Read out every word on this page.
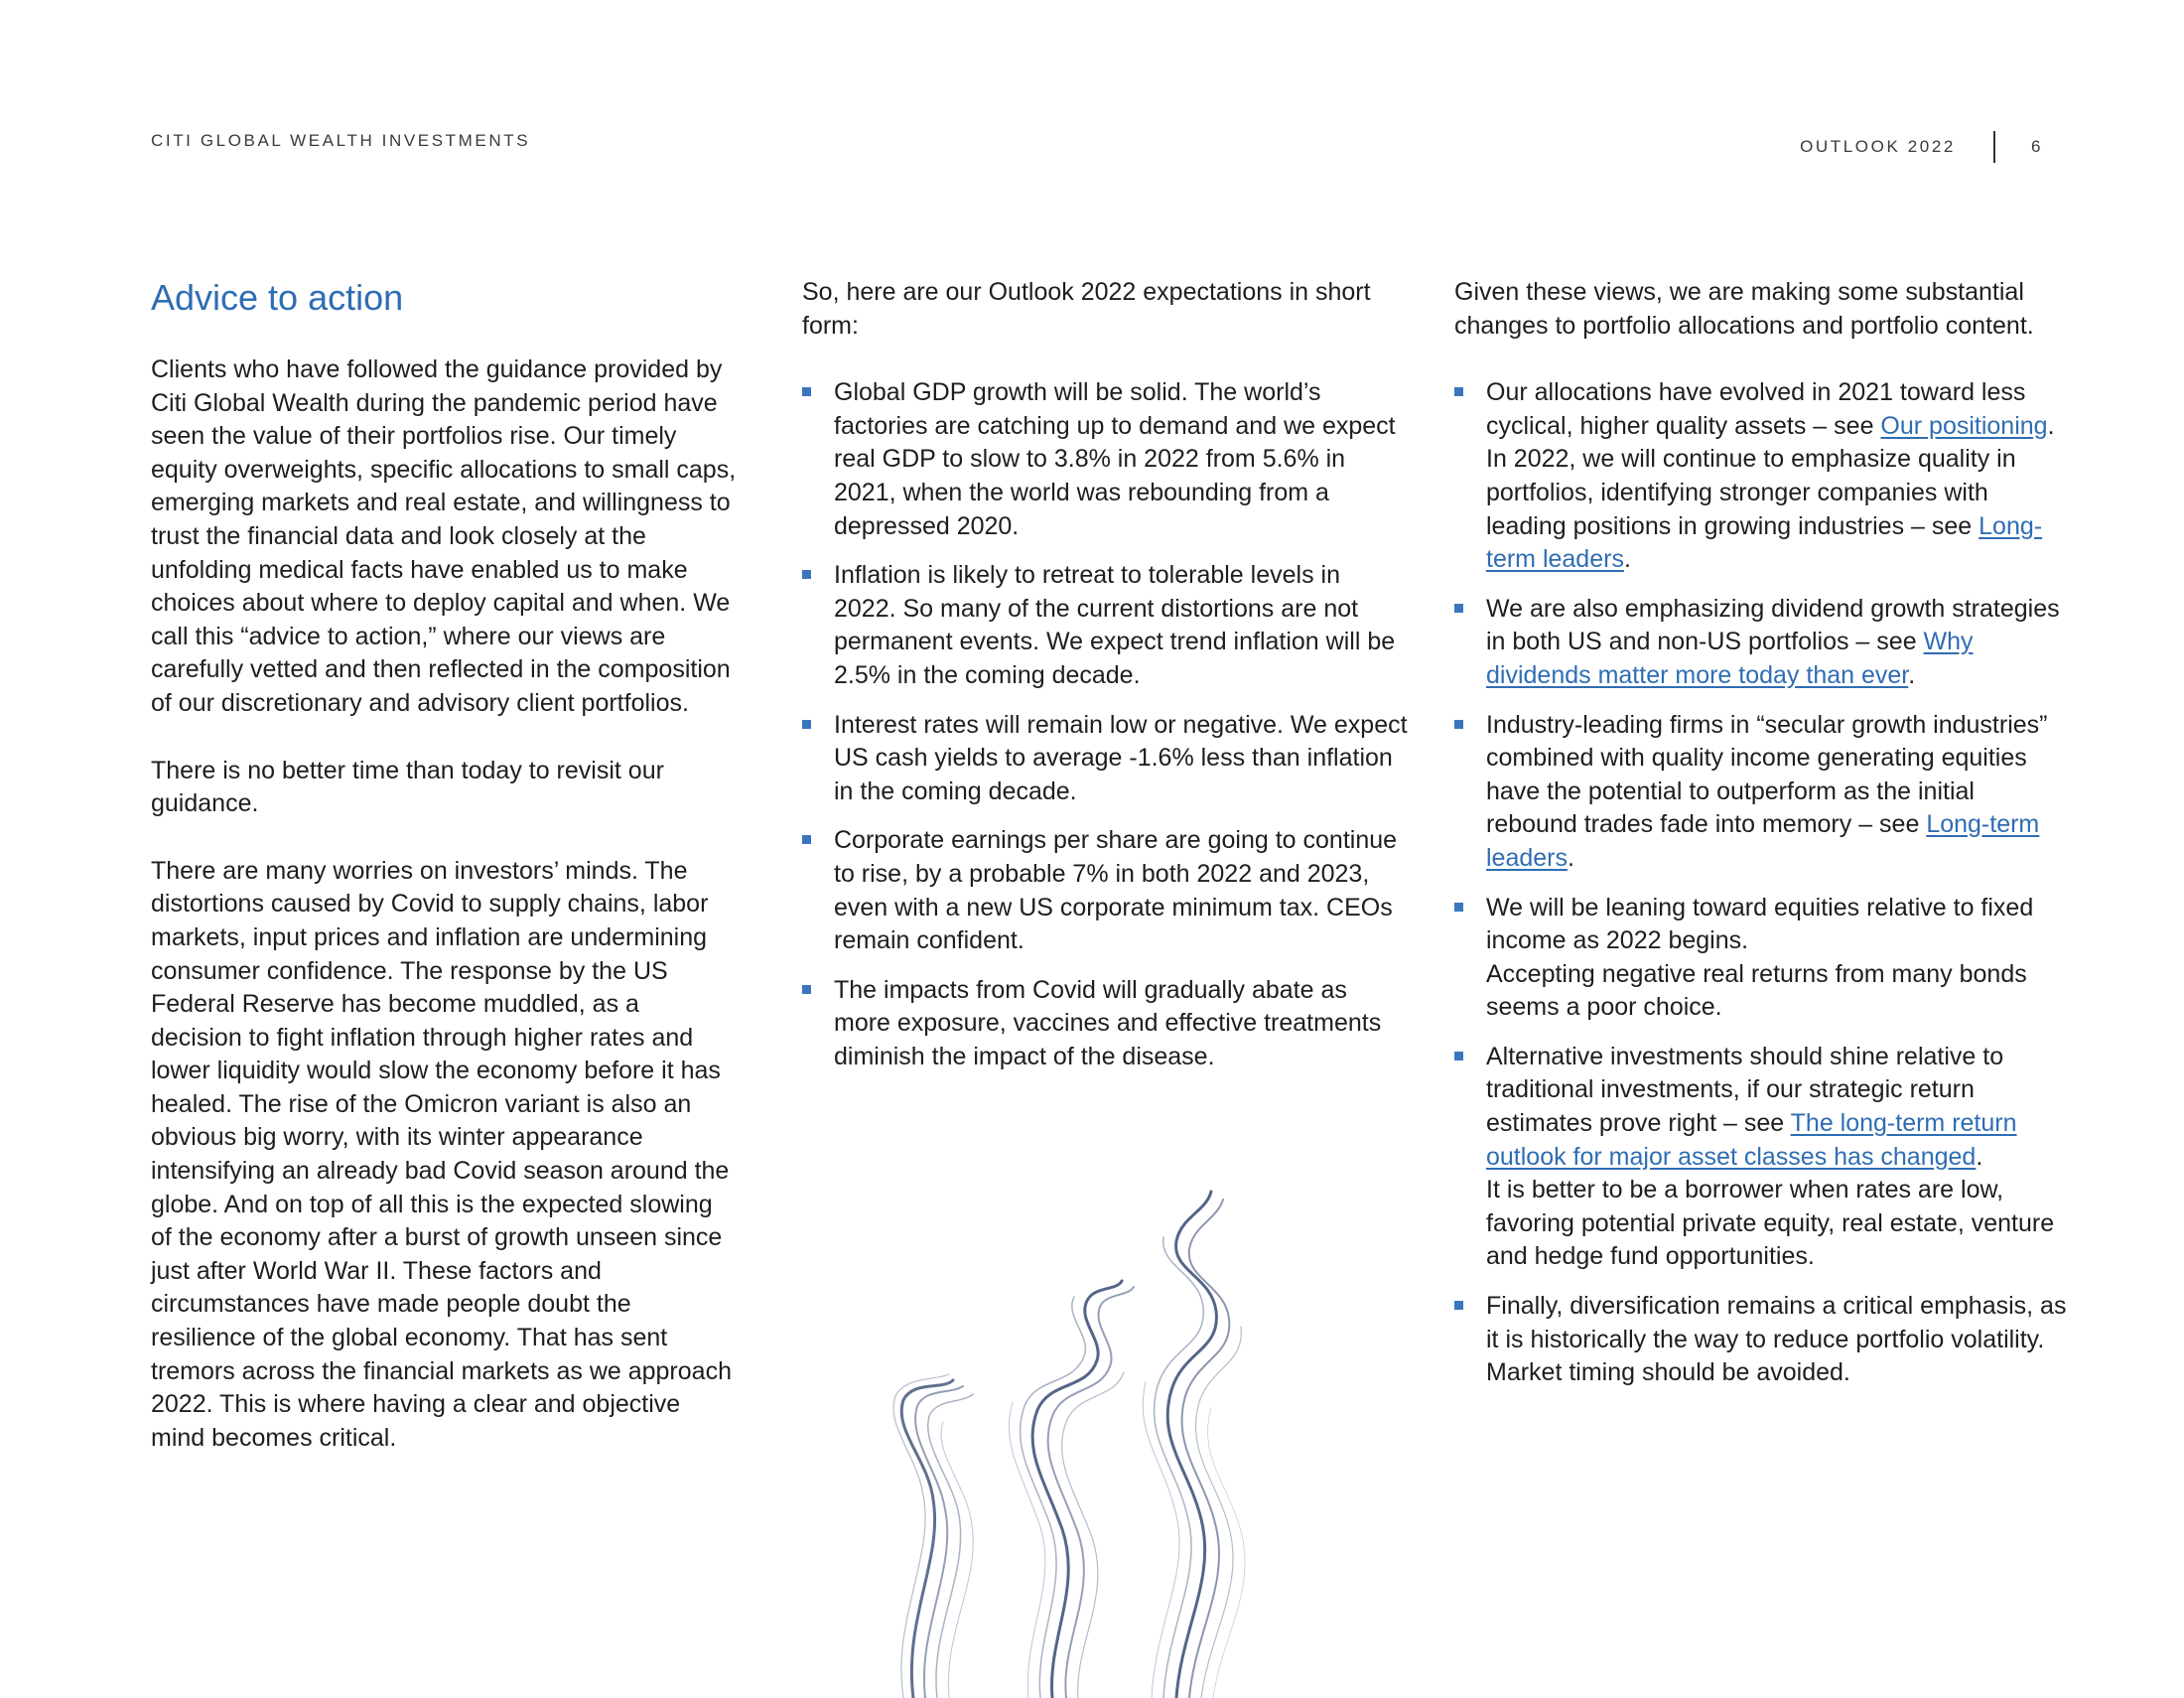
CITI GLOBAL WEALTH INVESTMENTS	OUTLOOK 2022	6
Advice to action

Clients who have followed the guidance provided by Citi Global Wealth during the pandemic period have seen the value of their portfolios rise. Our timely equity overweights, specific allocations to small caps, emerging markets and real estate, and willingness to trust the financial data and look closely at the unfolding medical facts have enabled us to make choices about where to deploy capital and when. We call this “advice to action,” where our views are carefully vetted and then reflected in the composition of our discretionary and advisory client portfolios.

There is no better time than today to revisit our guidance.

There are many worries on investors’ minds. The distortions caused by Covid to supply chains, labor markets, input prices and inflation are undermining consumer confidence. The response by the US Federal Reserve has become muddled, as a decision to fight inflation through higher rates and lower liquidity would slow the economy before it has healed. The rise of the Omicron variant is also an obvious big worry, with its winter appearance intensifying an already bad Covid season around the globe. And on top of all this is the expected slowing of the economy after a burst of growth unseen since just after World War II. These factors and circumstances have made people doubt the resilience of the global economy. That has sent tremors across the financial markets as we approach 2022. This is where having a clear and objective mind becomes critical.

So, here are our Outlook 2022 expectations in short form:

Global GDP growth will be solid. The world’s factories are catching up to demand and we expect real GDP to slow to 3.8% in 2022 from 5.6% in 2021, when the world was rebounding from a depressed 2020.
Inflation is likely to retreat to tolerable levels in 2022. So many of the current distortions are not permanent events. We expect trend inflation will be 2.5% in the coming decade.
Interest rates will remain low or negative. We expect US cash yields to average -1.6% less than inflation in the coming decade.
Corporate earnings per share are going to continue to rise, by a probable 7% in both 2022 and 2023, even with a new US corporate minimum tax. CEOs remain confident.
The impacts from Covid will gradually abate as more exposure, vaccines and effective treatments diminish the impact of the disease.

Given these views, we are making some substantial changes to portfolio allocations and portfolio content.

Our allocations have evolved in 2021 toward less cyclical, higher quality assets – see Our positioning. In 2022, we will continue to emphasize quality in portfolios, identifying stronger companies with leading positions in growing industries – see Long-term leaders.
We are also emphasizing dividend growth strategies in both US and non-US portfolios – see Why dividends matter more today than ever.
Industry-leading firms in “secular growth industries” combined with quality income generating equities have the potential to outperform as the initial rebound trades fade into memory – see Long-term leaders.
We will be leaning toward equities relative to fixed income as 2022 begins.
Accepting negative real returns from many bonds seems a poor choice.
Alternative investments should shine relative to traditional investments, if our strategic return estimates prove right – see The long-term return outlook for major asset classes has changed.
It is better to be a borrower when rates are low, favoring potential private equity, real estate, venture and hedge fund opportunities.
Finally, diversification remains a critical emphasis, as it is historically the way to reduce portfolio volatility. Market timing should be avoided.
